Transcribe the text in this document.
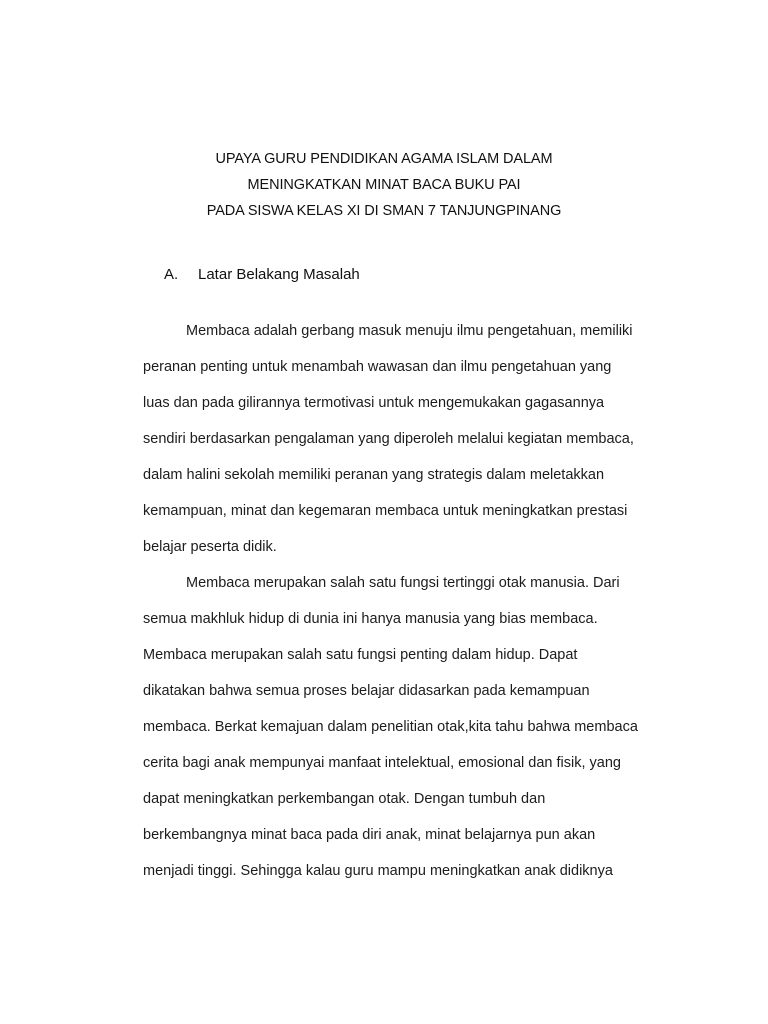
UPAYA GURU PENDIDIKAN AGAMA ISLAM DALAM
MENINGKATKAN MINAT BACA BUKU PAI
PADA SISWA KELAS XI DI SMAN 7 TANJUNGPINANG
A. Latar Belakang Masalah
Membaca adalah gerbang masuk menuju ilmu pengetahuan, memiliki
peranan penting untuk menambah wawasan dan ilmu pengetahuan yang
luas dan pada gilirannya termotivasi untuk mengemukakan gagasannya
sendiri berdasarkan pengalaman yang diperoleh melalui kegiatan membaca,
dalam halini sekolah memiliki peranan yang strategis dalam meletakkan
kemampuan, minat dan kegemaran membaca untuk meningkatkan prestasi
belajar peserta didik.
Membaca merupakan salah satu fungsi tertinggi otak manusia. Dari
semua makhluk hidup di dunia ini hanya manusia yang bias membaca.
Membaca merupakan salah satu fungsi penting dalam hidup. Dapat
dikatakan bahwa semua proses belajar didasarkan pada kemampuan
membaca. Berkat kemajuan dalam penelitian otak,kita tahu bahwa membaca
cerita bagi anak mempunyai manfaat intelektual, emosional dan fisik, yang
dapat meningkatkan perkembangan otak. Dengan tumbuh dan
berkembangnya minat baca pada diri anak, minat belajarnya pun akan
menjadi tinggi. Sehingga kalau guru mampu meningkatkan anak didiknya
